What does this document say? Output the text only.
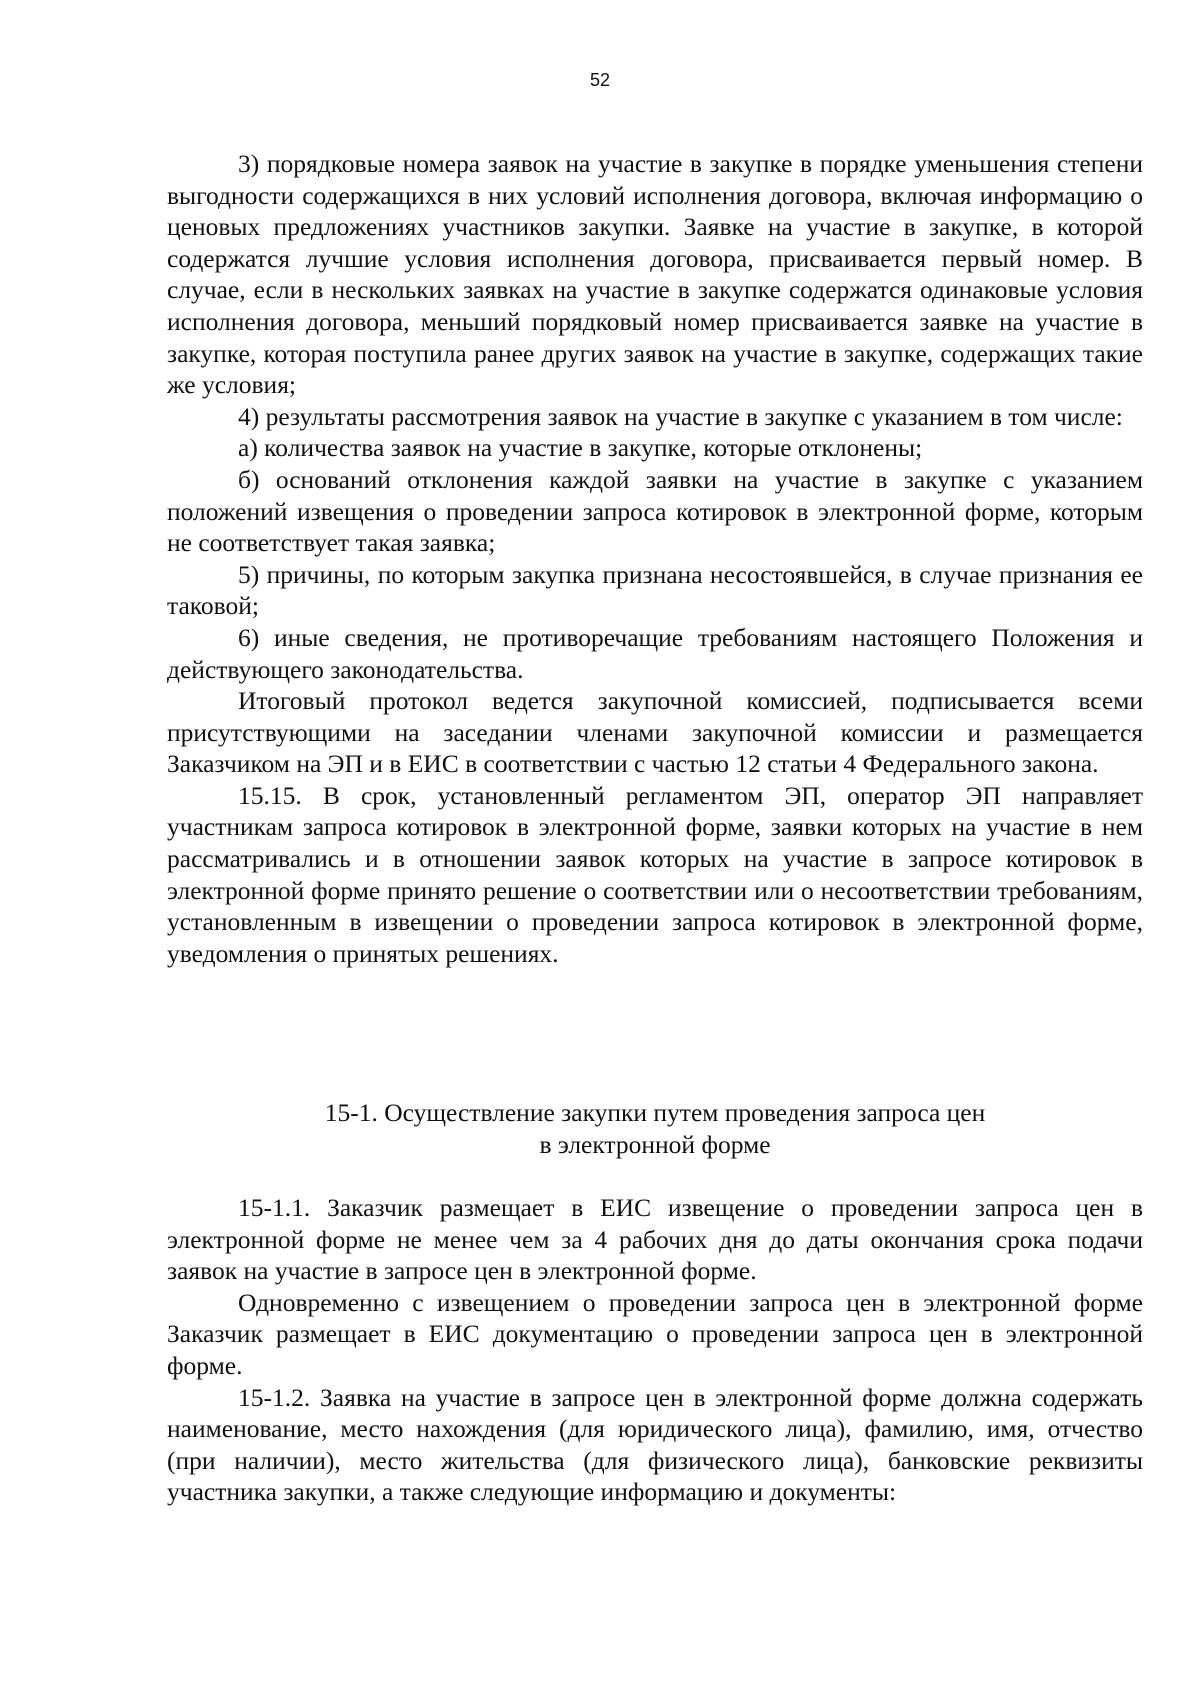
52

3) порядковые номера заявок на участие в закупке в порядке уменьшения степени выгодности содержащихся в них условий исполнения договора, включая информацию о ценовых предложениях участников закупки. Заявке на участие в закупке, в которой содержатся лучшие условия исполнения договора, присваивается первый номер. В случае, если в нескольких заявках на участие в закупке содержатся одинаковые условия исполнения договора, меньший порядковый номер присваивается заявке на участие в закупке, которая поступила ранее других заявок на участие в закупке, содержащих такие же условия;

4) результаты рассмотрения заявок на участие в закупке с указанием в том числе:

а) количества заявок на участие в закупке, которые отклонены;

б) оснований отклонения каждой заявки на участие в закупке с указанием положений извещения о проведении запроса котировок в электронной форме, которым не соответствует такая заявка;

5) причины, по которым закупка признана несостоявшейся, в случае признания ее таковой;

6) иные сведения, не противоречащие требованиям настоящего Положения и действующего законодательства.

Итоговый протокол ведется закупочной комиссией, подписывается всеми присутствующими на заседании членами закупочной комиссии и размещается Заказчиком на ЭП и в ЕИС в соответствии с частью 12 статьи 4 Федерального закона.

15.15. В срок, установленный регламентом ЭП, оператор ЭП направляет участникам запроса котировок в электронной форме, заявки которых на участие в нем рассматривались и в отношении заявок которых на участие в запросе котировок в электронной форме принято решение о соответствии или о несоответствии требованиям, установленным в извещении о проведении запроса котировок в электронной форме, уведомления о принятых решениях.

15-1. Осуществление закупки путем проведения запроса цен
в электронной форме

15-1.1. Заказчик размещает в ЕИС извещение о проведении запроса цен в электронной форме не менее чем за 4 рабочих дня до даты окончания срока подачи заявок на участие в запросе цен в электронной форме.

Одновременно с извещением о проведении запроса цен в электронной форме Заказчик размещает в ЕИС документацию о проведении запроса цен в электронной форме.

15-1.2. Заявка на участие в запросе цен в электронной форме должна содержать наименование, место нахождения (для юридического лица), фамилию, имя, отчество (при наличии), место жительства (для физического лица), банковские реквизиты участника закупки, а также следующие информацию и документы:
